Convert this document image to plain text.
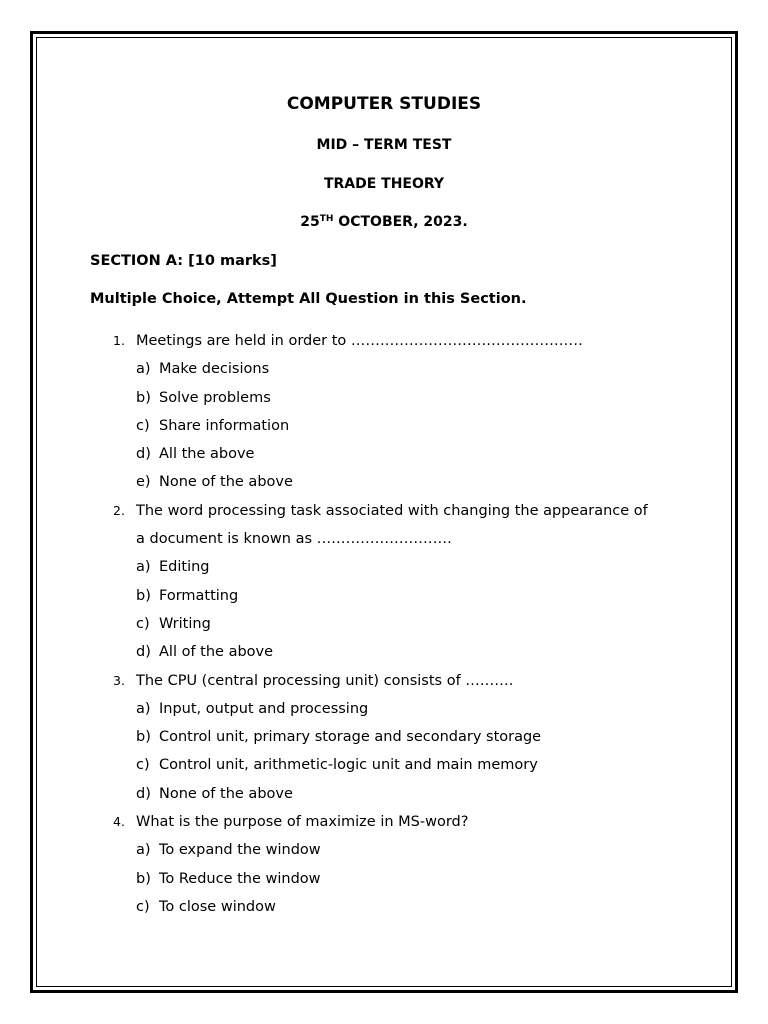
COMPUTER STUDIES
MID – TERM TEST
TRADE THEORY
25TH OCTOBER, 2023.
SECTION A: [10 marks]
Multiple Choice, Attempt All Question in this Section.
1. Meetings are held in order to …………………………………………
a) Make decisions
b) Solve problems
c) Share information
d) All the above
e) None of the above
2. The word processing task associated with changing the appearance of
a document is known as ……………………….
a) Editing
b) Formatting
c) Writing
d) All of the above
3. The CPU (central processing unit) consists of ……….
a) Input, output and processing
b) Control unit, primary storage and secondary storage
c) Control unit, arithmetic-logic unit and main memory
d) None of the above
4. What is the purpose of maximize in MS-word?
a) To expand the window
b) To Reduce the window
c) To close window
